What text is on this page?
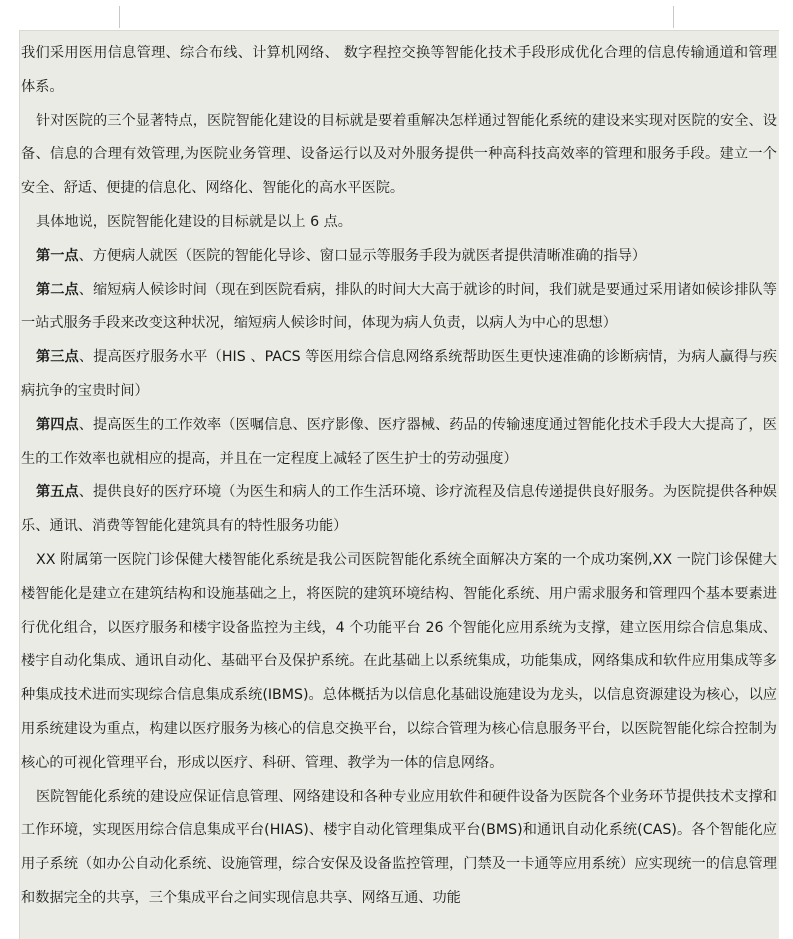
我们采用医用信息管理、综合布线、计算机网络、 数字程控交换等智能化技术手段形成优化合理的信息传输通道和管理体系。

针对医院的三个显著特点，医院智能化建设的目标就是要着重解决怎样通过智能化系统的建设来实现对医院的安全、设备、信息的合理有效管理,为医院业务管理、设备运行以及对外服务提供一种高科技高效率的管理和服务手段。建立一个安全、舒适、便捷的信息化、网络化、智能化的高水平医院。

具体地说，医院智能化建设的目标就是以上 6 点。

第一点、方便病人就医（医院的智能化导诊、窗口显示等服务手段为就医者提供清晰准确的指导）

第二点、缩短病人候诊时间（现在到医院看病，排队的时间大大高于就诊的时间，我们就是要通过采用诸如候诊排队等一站式服务手段来改变这种状况，缩短病人候诊时间，体现为病人负责，以病人为中心的思想）

第三点、提高医疗服务水平（HIS 、PACS 等医用综合信息网络系统帮助医生更快速准确的诊断病情，为病人赢得与疾病抗争的宝贵时间）

第四点、提高医生的工作效率（医嘱信息、医疗影像、医疗器械、药品的传输速度通过智能化技术手段大大提高了，医生的工作效率也就相应的提高，并且在一定程度上减轻了医生护士的劳动强度）

第五点、提供良好的医疗环境（为医生和病人的工作生活环境、诊疗流程及信息传递提供良好服务。为医院提供各种娱乐、通讯、消费等智能化建筑具有的特性服务功能）

XX 附属第一医院门诊保健大楼智能化系统是我公司医院智能化系统全面解决方案的一个成功案例,XX 一院门诊保健大楼智能化是建立在建筑结构和设施基础之上，将医院的建筑环境结构、智能化系统、用户需求服务和管理四个基本要素进行优化组合，以医疗服务和楼宇设备监控为主线，4 个功能平台 26 个智能化应用系统为支撑，建立医用综合信息集成、楼宇自动化集成、通讯自动化、基础平台及保护系统。在此基础上以系统集成，功能集成，网络集成和软件应用集成等多种集成技术进而实现综合信息集成系统(IBMS)。总体概括为以信息化基础设施建设为龙头，以信息资源建设为核心，以应用系统建设为重点，构建以医疗服务为核心的信息交换平台，以综合管理为核心信息服务平台，以医院智能化综合控制为核心的可视化管理平台，形成以医疗、科研、管理、教学为一体的信息网络。

医院智能化系统的建设应保证信息管理、网络建设和各种专业应用软件和硬件设备为医院各个业务环节提供技术支撑和工作环境，实现医用综合信息集成平台(HIAS)、楼宇自动化管理集成平台(BMS)和通讯自动化系统(CAS)。各个智能化应用子系统（如办公自动化系统、设施管理，综合安保及设备监控管理，门禁及一卡通等应用系统）应实现统一的信息管理和数据完全的共享，三个集成平台之间实现信息共享、网络互通、功能
